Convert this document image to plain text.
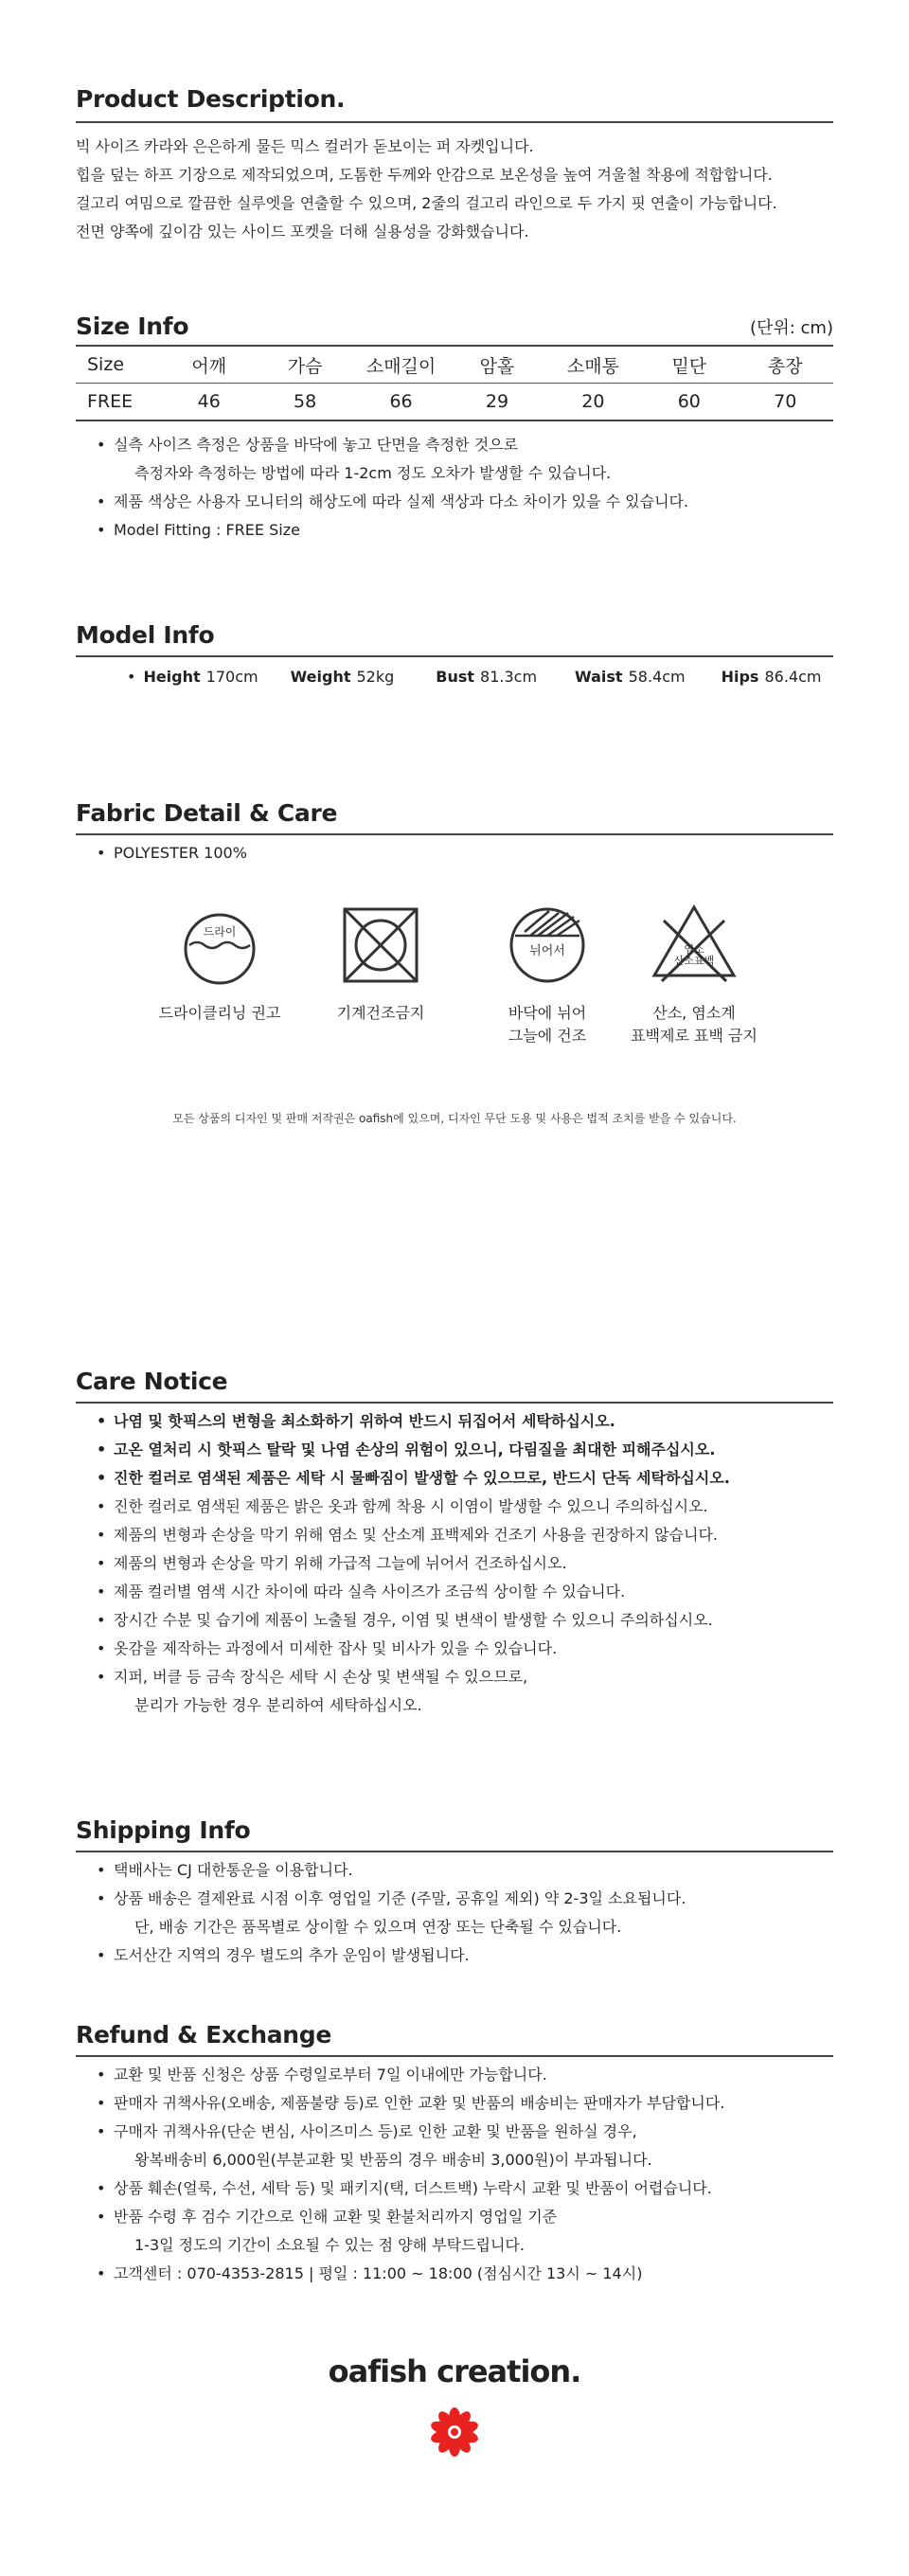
Product Description.

빅 사이즈 카라와 은은하게 물든 믹스 컬러가 돋보이는 퍼 자켓입니다.

힙을 덮는 하프 기장으로 제작되었으며, 도톰한 두께와 안감으로 보온성을 높여 겨울철 착용에 적합합니다.

걸고리 여밈으로 깔끔한 실루엣을 연출할 수 있으며, 2줄의 걸고리 라인으로 두 가지 핏 연출이 가능합니다.

전면 양쪽에 깊이감 있는 사이드 포켓을 더해 실용성을 강화했습니다.

Size Info	(단위: cm)
Size	어깨	가슴	소매길이	암홀	소매통	밑단	총장
FREE	46	58	66	29	20	60	70
• 실측 사이즈 측정은 상품을 바닥에 놓고 단면을 측정한 것으로
측정자와 측정하는 방법에 따라 1-2cm 정도 오차가 발생할 수 있습니다.
• 제품 색상은 사용자 모니터의 해상도에 따라 실제 색상과 다소 차이가 있을 수 있습니다.
• Model Fitting : FREE Size
Model Info
• Height 170cm Weight 52kg	Bust 81.3cm	Waist 58.4cm Hips 86.4cm
Fabric Detail & Care
• POLYESTER 100%
드라이
드라이클리닝 권고	기계건조금지
뉘어서
바닥에 뉘어
그늘에 건조
염소
산소표백
산소, 염소계
표백제로 표백 금지
모든 상품의 디자인 및 판매 저작권은 oafish에 있으며, 디자인 무단 도용 및 사용은 법적 조치를 받을 수 있습니다.
Care Notice
• 나염 및 핫픽스의 변형을 최소화하기 위하여 반드시 뒤집어서 세탁하십시오.
• 고온 열처리 시 핫픽스 탈락 및 나염 손상의 위험이 있으니, 다림질을 최대한 피해주십시오.
• 진한 컬러로 염색된 제품은 세탁 시 물빠짐이 발생할 수 있으므로, 반드시 단독 세탁하십시오.
• 진한 컬러로 염색된 제품은 밝은 옷과 함께 착용 시 이염이 발생할 수 있으니 주의하십시오.
• 제품의 변형과 손상을 막기 위해 염소 및 산소계 표백제와 건조기 사용을 권장하지 않습니다.
• 제품의 변형과 손상을 막기 위해 가급적 그늘에 뉘어서 건조하십시오.
• 제품 컬러별 염색 시간 차이에 따라 실측 사이즈가 조금씩 상이할 수 있습니다.
• 장시간 수분 및 습기에 제품이 노출될 경우, 이염 및 변색이 발생할 수 있으니 주의하십시오.
• 옷감을 제작하는 과정에서 미세한 잡사 및 비사가 있을 수 있습니다.
• 지퍼, 버클 등 금속 장식은 세탁 시 손상 및 변색될 수 있으므로,
분리가 가능한 경우 분리하여 세탁하십시오.
Shipping Info
• 택배사는 CJ 대한통운을 이용합니다.
• 상품 배송은 결제완료 시점 이후 영업일 기준 (주말, 공휴일 제외) 약 2-3일 소요됩니다.
단, 배송 기간은 품목별로 상이할 수 있으며 연장 또는 단축될 수 있습니다.
• 도서산간 지역의 경우 별도의 추가 운임이 발생됩니다.
Refund & Exchange
• 교환 및 반품 신청은 상품 수령일로부터 7일 이내에만 가능합니다.
• 판매자 귀책사유(오배송, 제품불량 등)로 인한 교환 및 반품의 배송비는 판매자가 부담합니다.
• 구매자 귀책사유(단순 변심, 사이즈미스 등)로 인한 교환 및 반품을 원하실 경우,
왕복배송비 6,000원(부분교환 및 반품의 경우 배송비 3,000원)이 부과됩니다.
• 상품 훼손(얼룩, 수선, 세탁 등) 및 패키지(택, 더스트백) 누락시 교환 및 반품이 어렵습니다.
• 반품 수령 후 검수 기간으로 인해 교환 및 환불처리까지 영업일 기준
1-3일 정도의 기간이 소요될 수 있는 점 양해 부탁드립니다.
• 고객센터 : 070-4353-2815 | 평일 : 11:00 ~ 18:00 (점심시간 13시 ~ 14시)
oafish creation.
